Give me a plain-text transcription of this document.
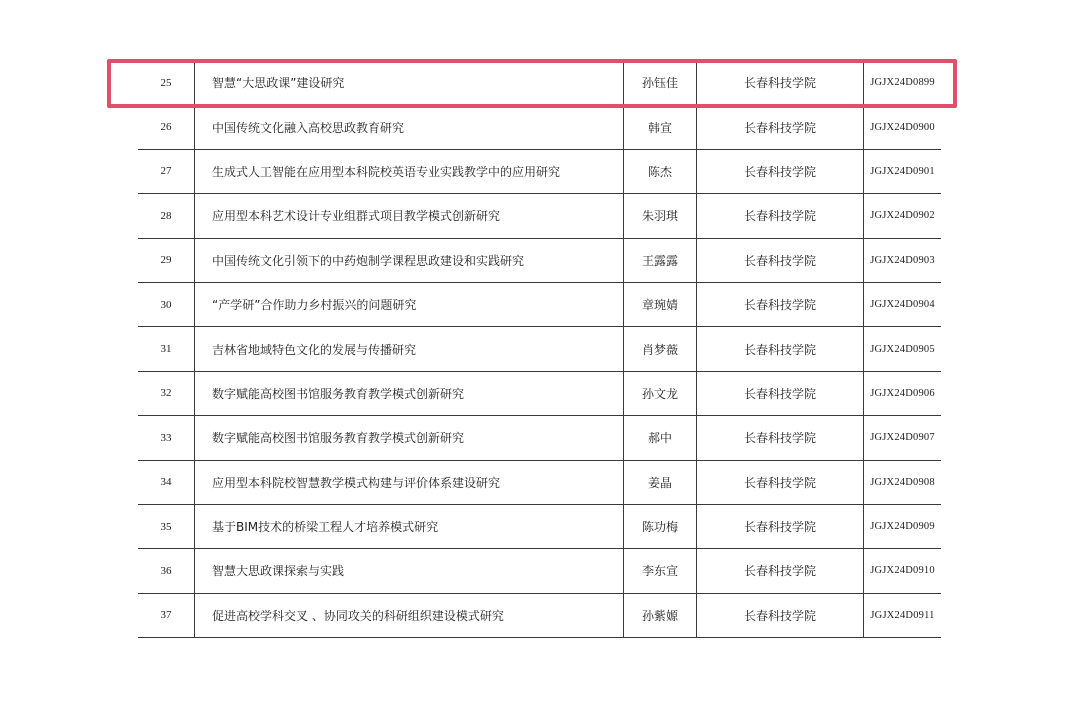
25	智慧“大思政课”建设研究	孙钰佳	长春科技学院	JGJX24D0899
26	中国传统文化融入高校思政教育研究	韩宣	长春科技学院	JGJX24D0900
27	生成式人工智能在应用型本科院校英语专业实践教学中的应用研究	陈杰	长春科技学院	JGJX24D0901
28	应用型本科艺术设计专业组群式项目教学模式创新研究	朱羽琪	长春科技学院	JGJX24D0902
29	中国传统文化引领下的中药炮制学课程思政建设和实践研究	王露露	长春科技学院	JGJX24D0903
30	“产学研”合作助力乡村振兴的问题研究	章琬婧	长春科技学院	JGJX24D0904
31	吉林省地域特色文化的发展与传播研究	肖梦薇	长春科技学院	JGJX24D0905
32	数字赋能高校图书馆服务教育教学模式创新研究	孙文龙	长春科技学院	JGJX24D0906
33	数字赋能高校图书馆服务教育教学模式创新研究	郝中	长春科技学院	JGJX24D0907
34	应用型本科院校智慧教学模式构建与评价体系建设研究	姜晶	长春科技学院	JGJX24D0908
35	基于BIM技术的桥梁工程人才培养模式研究	陈功梅	长春科技学院	JGJX24D0909
36	智慧大思政课探索与实践	李东宣	长春科技学院	JGJX24D0910
37	促进高校学科交叉 、协同攻关的科研组织建设模式研究	孙紫嫄	长春科技学院	JGJX24D0911
